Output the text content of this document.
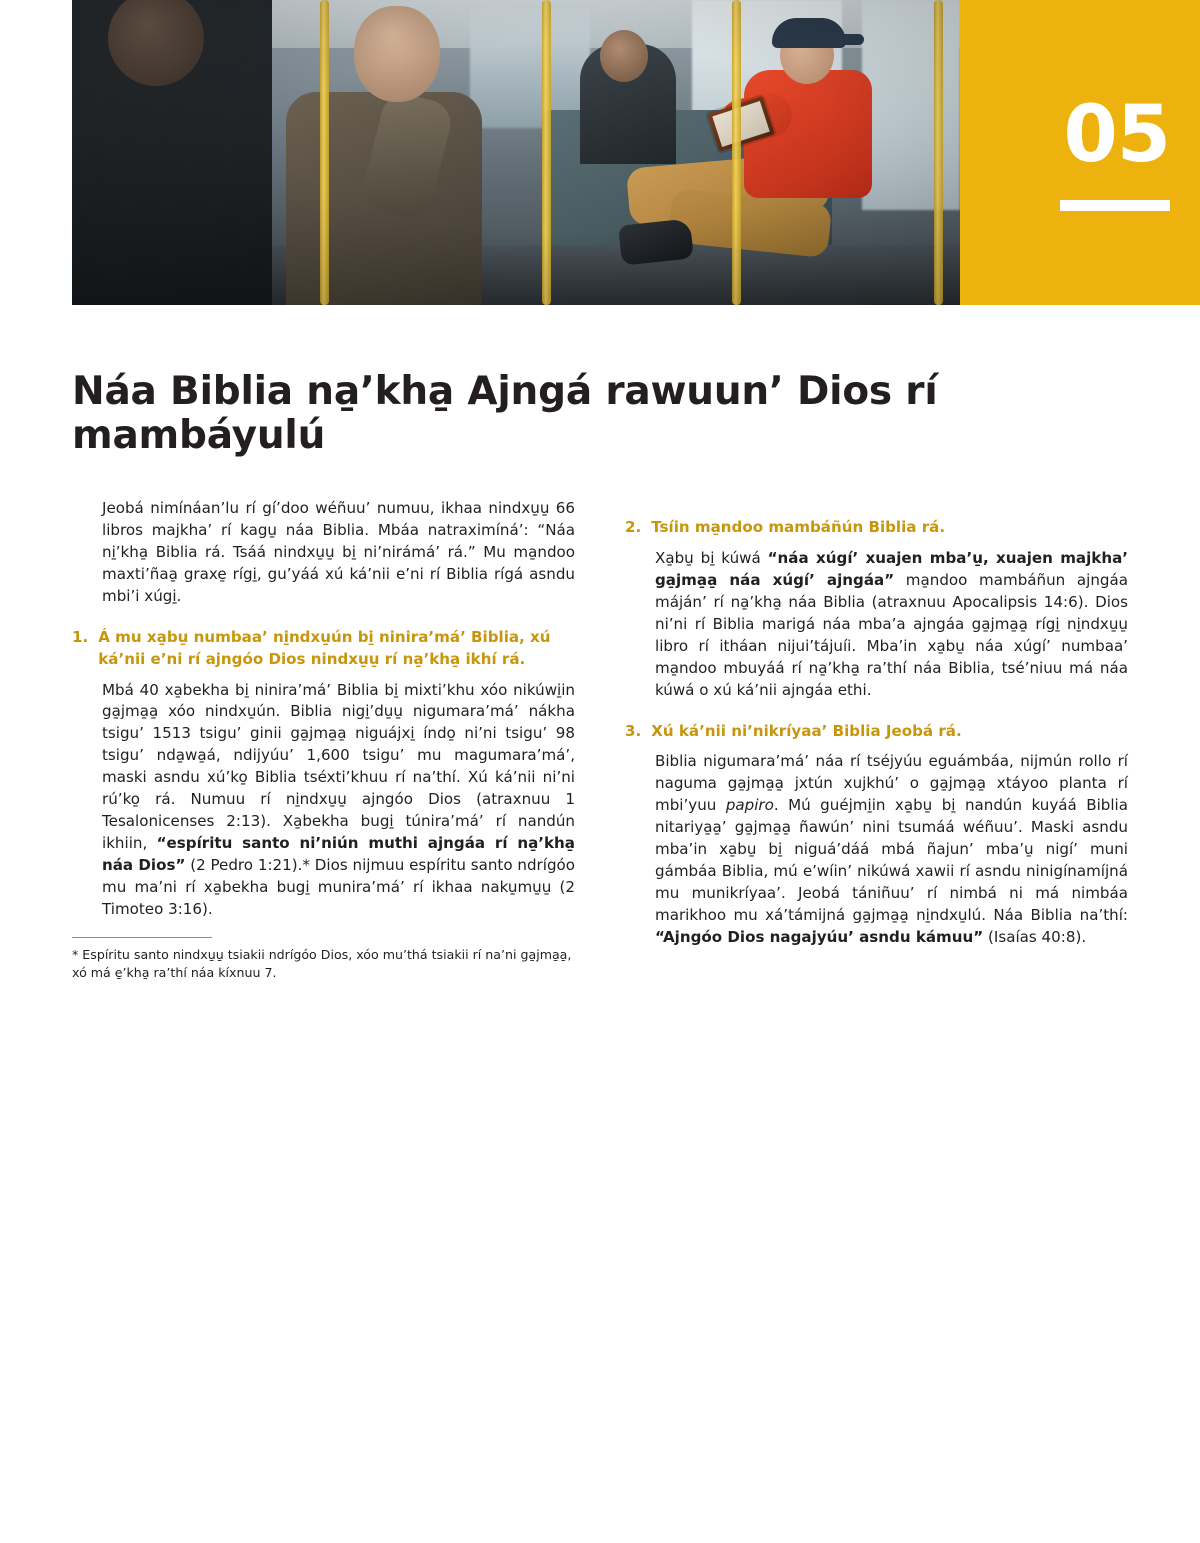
05
Náa Biblia na̱’kha̱ Ajngá rawuun’ Dios rí mambáyulú

Jeobá nimínáan’lu rí gí’doo wéñuu’ numuu, ikhaa nindxu̱u̱ 66 libros majkha’ rí kagu̱ náa Biblia. Mbáa natraximíná’: “Náa ni̱’kha̱ Biblia rá. Tsáá nindxu̱u̱ bi̱ ni’nirámá’ rá.” Mu ma̱ndoo maxti’ñaa̱ graxe̱ rígi̱, gu’yáá xú ká’nii e’ni rí Biblia rígá asndu mbi’i xúgi̱.

1. Á mu xa̱bu̱ numbaa’ ni̱ndxu̱ún bi̱ ninira’má’ Biblia, xú ká’nii e’ni rí ajngóo Dios nindxu̱u̱ rí na̱’kha̱ ikhí rá.

Mbá 40 xa̱bekha bi̱ ninira’má’ Biblia bi̱ mixti’khu xóo nikúwi̱in ga̱jma̱a̱ xóo nindxu̱ún. Biblia nigi̱’du̱u̱ nigumara’má’ nákha tsigu’ 1513 tsigu’ ginii ga̱jma̱a̱ niguájxi̱ índo̱ ni’ni tsigu’ 98 tsigu’ nda̱wa̱á, ndijyúu’ 1,600 tsigu’ mu magumara’má’, maski asndu xú’ko̱ Biblia tséxti’khuu rí na’thí. Xú ká’nii ni’ni rú’ko̱ rá. Numuu rí ni̱ndxu̱u̱ ajngóo Dios (atraxnuu 1 Tesalonicenses 2:13). Xa̱bekha bugi̱ túnira’má’ rí nandún ikhiin, “espíritu santo ni’niún muthi ajngáa rí na̱’kha̱ náa Dios” (2 Pedro 1:21).* Dios nijmuu espíritu santo ndrígóo mu ma’ni rí xa̱bekha bugi̱ munira’má’ rí ikhaa naku̱mu̱u̱ (2 Timoteo 3:16).

* Espíritu santo nindxu̱u̱ tsiakii ndrígóo Dios, xóo mu’thá tsiakii rí na’ni ga̱jma̱a̱, xó má e̱’kha̱ ra’thí náa kíxnuu 7.

2. Tsíin ma̱ndoo mambáñún Biblia rá.

Xa̱bu̱ bi̱ kúwá “náa xúgí’ xuajen mba’u̱, xuajen majkha’ ga̱jma̱a̱ náa xúgí’ ajngáa” ma̱ndoo mambáñun ajngáa máján’ rí na̱’kha̱ náa Biblia (atraxnuu Apocalipsis 14:6). Dios ni’ni rí Biblia marigá náa mba’a ajngáa ga̱jma̱a̱ rígi̱ ni̱ndxu̱u̱ libro rí itháan nijui’tájuíi. Mba’in xa̱bu̱ náa xúgí’ numbaa’ ma̱ndoo mbuyáá rí na̱’kha̱ ra’thí náa Biblia, tsé’niuu má náa kúwá o xú ká’nii ajngáa ethi.

3. Xú ká’nii ni’nikríyaa’ Biblia Jeobá rá.

Biblia nigumara’má’ náa rí tséjyúu eguámbáa, nijmún rollo rí naguma ga̱jma̱a̱ jxtún xujkhú’ o ga̱jma̱a̱ xtáyoo planta rí mbi’yuu papiro. Mú guéjmi̱in xa̱bu̱ bi̱ nandún kuyáá Biblia nitariya̱a̱’ ga̱jma̱a̱ ñawún’ nini tsumáá wéñuu’. Maski asndu mba’in xa̱bu̱ bi̱ niguá’dáá mbá ñajun’ mba’u̱ nigí’ muni gámbáa Biblia, mú e’wíin’ nikúwá xawii rí asndu ninigínamíjná mu munikríyaa’. Jeobá tániñuu’ rí nimbá ni má nimbáa marikhoo mu xá’támijná ga̱jma̱a̱ ni̱ndxu̱lú. Náa Biblia na’thí: “Ajngóo Dios nagajyúu’ asndu kámuu” (Isaías 40:8).
